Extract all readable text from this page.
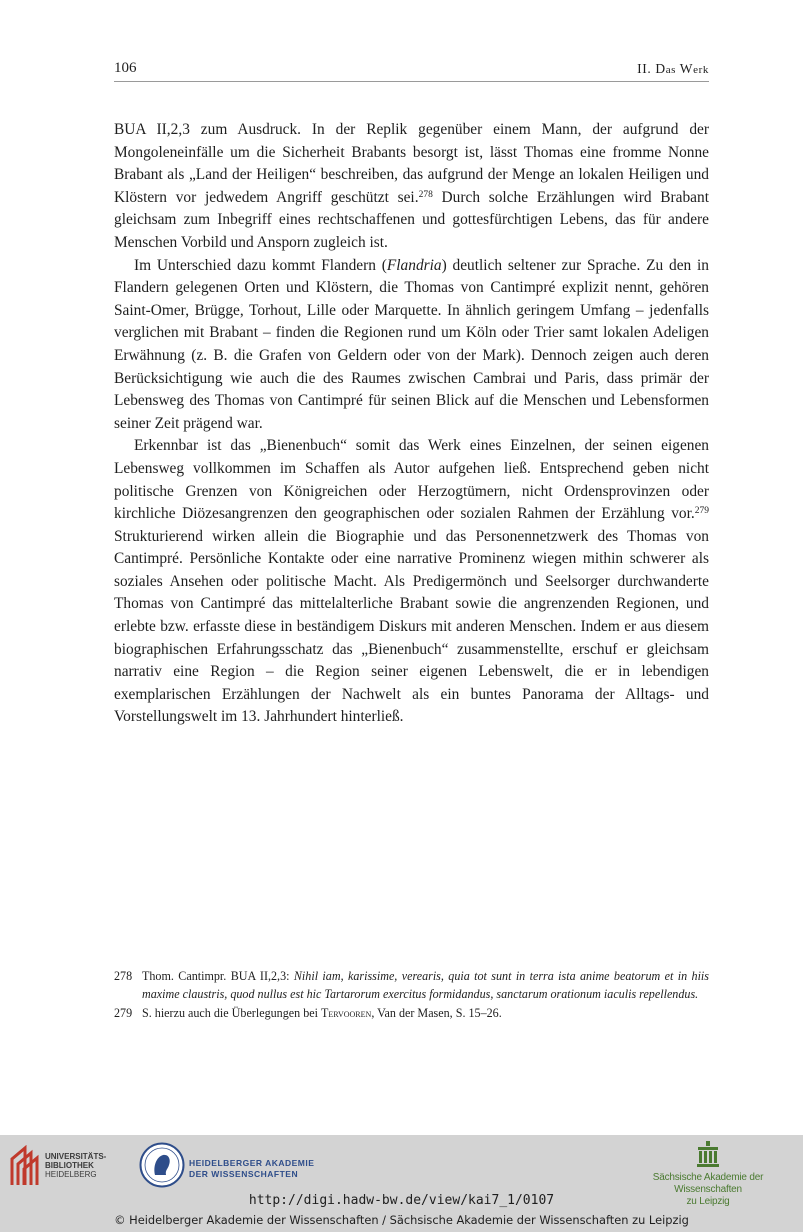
106	II. Das Werk

BUA II,2,3 zum Ausdruck. In der Replik gegenüber einem Mann, der aufgrund der Mongoleneinfälle um die Sicherheit Brabants besorgt ist, lässt Thomas eine fromme Nonne Brabant als „Land der Heiligen“ beschreiben, das aufgrund der Menge an lokalen Heiligen und Klöstern vor jedwedem Angriff geschützt sei.$^{278}$ Durch solche Erzählungen wird Brabant gleichsam zum Inbegriff eines rechtschaffenen und gottesfürchtigen Lebens, das für andere Menschen Vorbild und Ansporn zugleich ist.

Im Unterschied dazu kommt Flandern (Flandria) deutlich seltener zur Sprache. Zu den in Flandern gelegenen Orten und Klöstern, die Thomas von Cantimpré explizit nennt, gehören Saint-Omer, Brügge, Torhout, Lille oder Marquette. In ähnlich geringem Umfang – jedenfalls verglichen mit Brabant – finden die Regionen rund um Köln oder Trier samt lokalen Adeligen Erwähnung (z. B. die Grafen von Geldern oder von der Mark). Dennoch zeigen auch deren Berücksichtigung wie auch die des Raumes zwischen Cambrai und Paris, dass primär der Lebensweg des Thomas von Cantimpré für seinen Blick auf die Menschen und Lebensformen seiner Zeit prägend war.

Erkennbar ist das „Bienenbuch“ somit das Werk eines Einzelnen, der seinen eigenen Lebensweg vollkommen im Schaffen als Autor aufgehen ließ. Entsprechend geben nicht politische Grenzen von Königreichen oder Herzogtümern, nicht Ordensprovinzen oder kirchliche Diözesangrenzen den geographischen oder sozialen Rahmen der Erzählung vor.$^{279}$ Strukturierend wirken allein die Biographie und das Personennetzwerk des Thomas von Cantimpré. Persönliche Kontakte oder eine narrative Prominenz wiegen mithin schwerer als soziales Ansehen oder politische Macht. Als Predigermönch und Seelsorger durchwanderte Thomas von Cantimpré das mittelalterliche Brabant sowie die angrenzenden Regionen, und erlebte bzw. erfasste diese in beständigem Diskurs mit anderen Menschen. Indem er aus diesem biographischen Erfahrungsschatz das „Bienenbuch“ zusammenstellte, erschuf er gleichsam narrativ eine Region – die Region seiner eigenen Lebenswelt, die er in lebendigen exemplarischen Erzählungen der Nachwelt als ein buntes Panorama der Alltags- und Vorstellungswelt im 13. Jahrhundert hinterließ.

278 Thom. Cantimpr. BUA II,2,3: Nihil iam, karissime, verearis, quia tot sunt in terra ista anime beatorum et in hiis maxime claustris, quod nullus est hic Tartarorum exercitus formidandus, sanctarum orationum iaculis repellendus.

279 S. hierzu auch die Überlegungen bei Tervooren, Van der Masen, S. 15–26.

UNIVERSITÄTS-
BIBLIOTHEK
HEIDELBERG
HEIDELBERGER AKADEMIE
DER WISSENSCHAFTEN	Sächsische Akademie der Wissenschaften
zu Leipzig
http://digi.hadw-bw.de/view/kai7_1/0107
© Heidelberger Akademie der Wissenschaften / Sächsische Akademie der Wissenschaften zu Leipzig
